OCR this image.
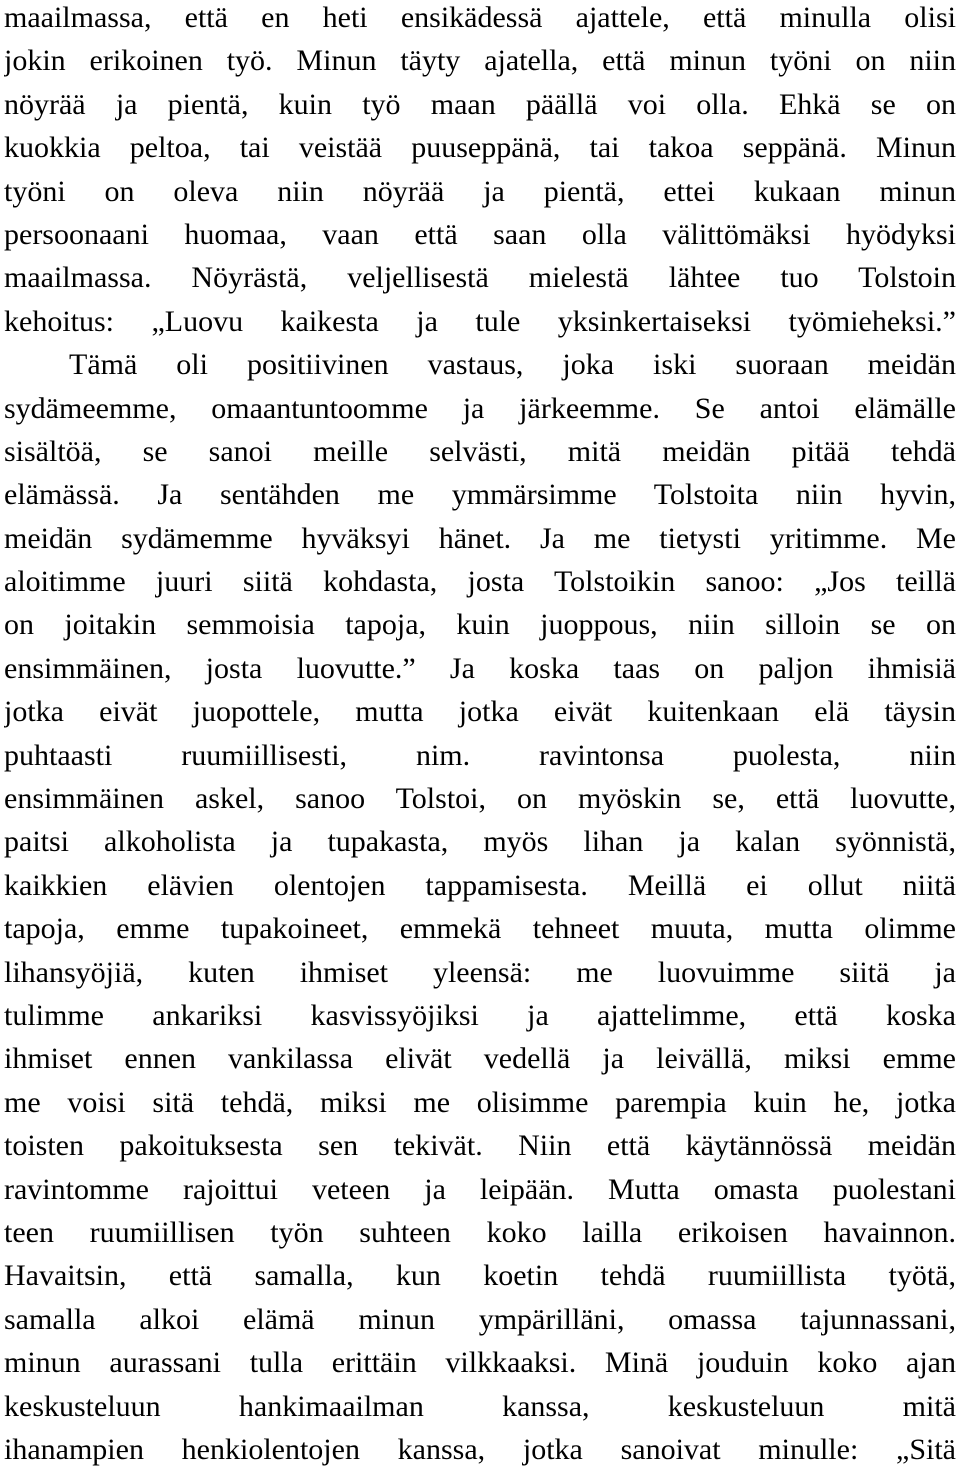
maailmassa, että en heti ensikädessä ajattele, että minulla olisi
jokin erikoinen työ. Minun täyty ajatella, että minun työni on niin
nöyrää ja pientä, kuin työ maan päällä voi olla. Ehkä se on
kuokkia peltoa, tai veistää puuseppänä, tai takoa seppänä. Minun
työni on oleva niin nöyrää ja pientä, ettei kukaan minun
persoonaani huomaa, vaan että saan olla välittömäksi hyödyksi
maailmassa. Nöyrästä, veljellisestä mielestä lähtee tuo Tolstoin
kehoitus: „Luovu kaikesta ja tule yksinkertaiseksi työmieheksi.”
Tämä oli positiivinen vastaus, joka iski suoraan meidän
sydämeemme, omaantuntoomme ja järkeemme. Se antoi elämälle
sisältöä, se sanoi meille selvästi, mitä meidän pitää tehdä
elämässä. Ja sentähden me ymmärsimme Tolstoita niin hyvin,
meidän sydämemme hyväksyi hänet. Ja me tietysti yritimme. Me
aloitimme juuri siitä kohdasta, josta Tolstoikin sanoo: „Jos teillä
on joitakin semmoisia tapoja, kuin juoppous, niin silloin se on
ensimmäinen, josta luovutte.” Ja koska taas on paljon ihmisiä
jotka eivät juopottele, mutta jotka eivät kuitenkaan elä täysin
puhtaasti ruumiillisesti, nim. ravintonsa puolesta, niin
ensimmäinen askel, sanoo Tolstoi, on myöskin se, että luovutte,
paitsi alkoholista ja tupakasta, myös lihan ja kalan syönnistä,
kaikkien elävien olentojen tappamisesta. Meillä ei ollut niitä
tapoja, emme tupakoineet, emmekä tehneet muuta, mutta olimme
lihansyöjiä, kuten ihmiset yleensä: me luovuimme siitä ja
tulimme ankariksi kasvissyöjiksi ja ajattelimme, että koska
ihmiset ennen vankilassa elivät vedellä ja leivällä, miksi emme
me voisi sitä tehdä, miksi me olisimme parempia kuin he, jotka
toisten pakoituksesta sen tekivät. Niin että käytännössä meidän
ravintomme rajoittui veteen ja leipään. Mutta omasta puolestani
teen ruumiillisen työn suhteen koko lailla erikoisen havainnon.
Havaitsin, että samalla, kun koetin tehdä ruumiillista työtä,
samalla alkoi elämä minun ympärilläni, omassa tajunnassani,
minun aurassani tulla erittäin vilkkaaksi. Minä jouduin koko ajan
keskusteluun hankimaailman kanssa, keskusteluun mitä
ihanampien henkiolentojen kanssa, jotka sanoivat minulle: „Sitä
